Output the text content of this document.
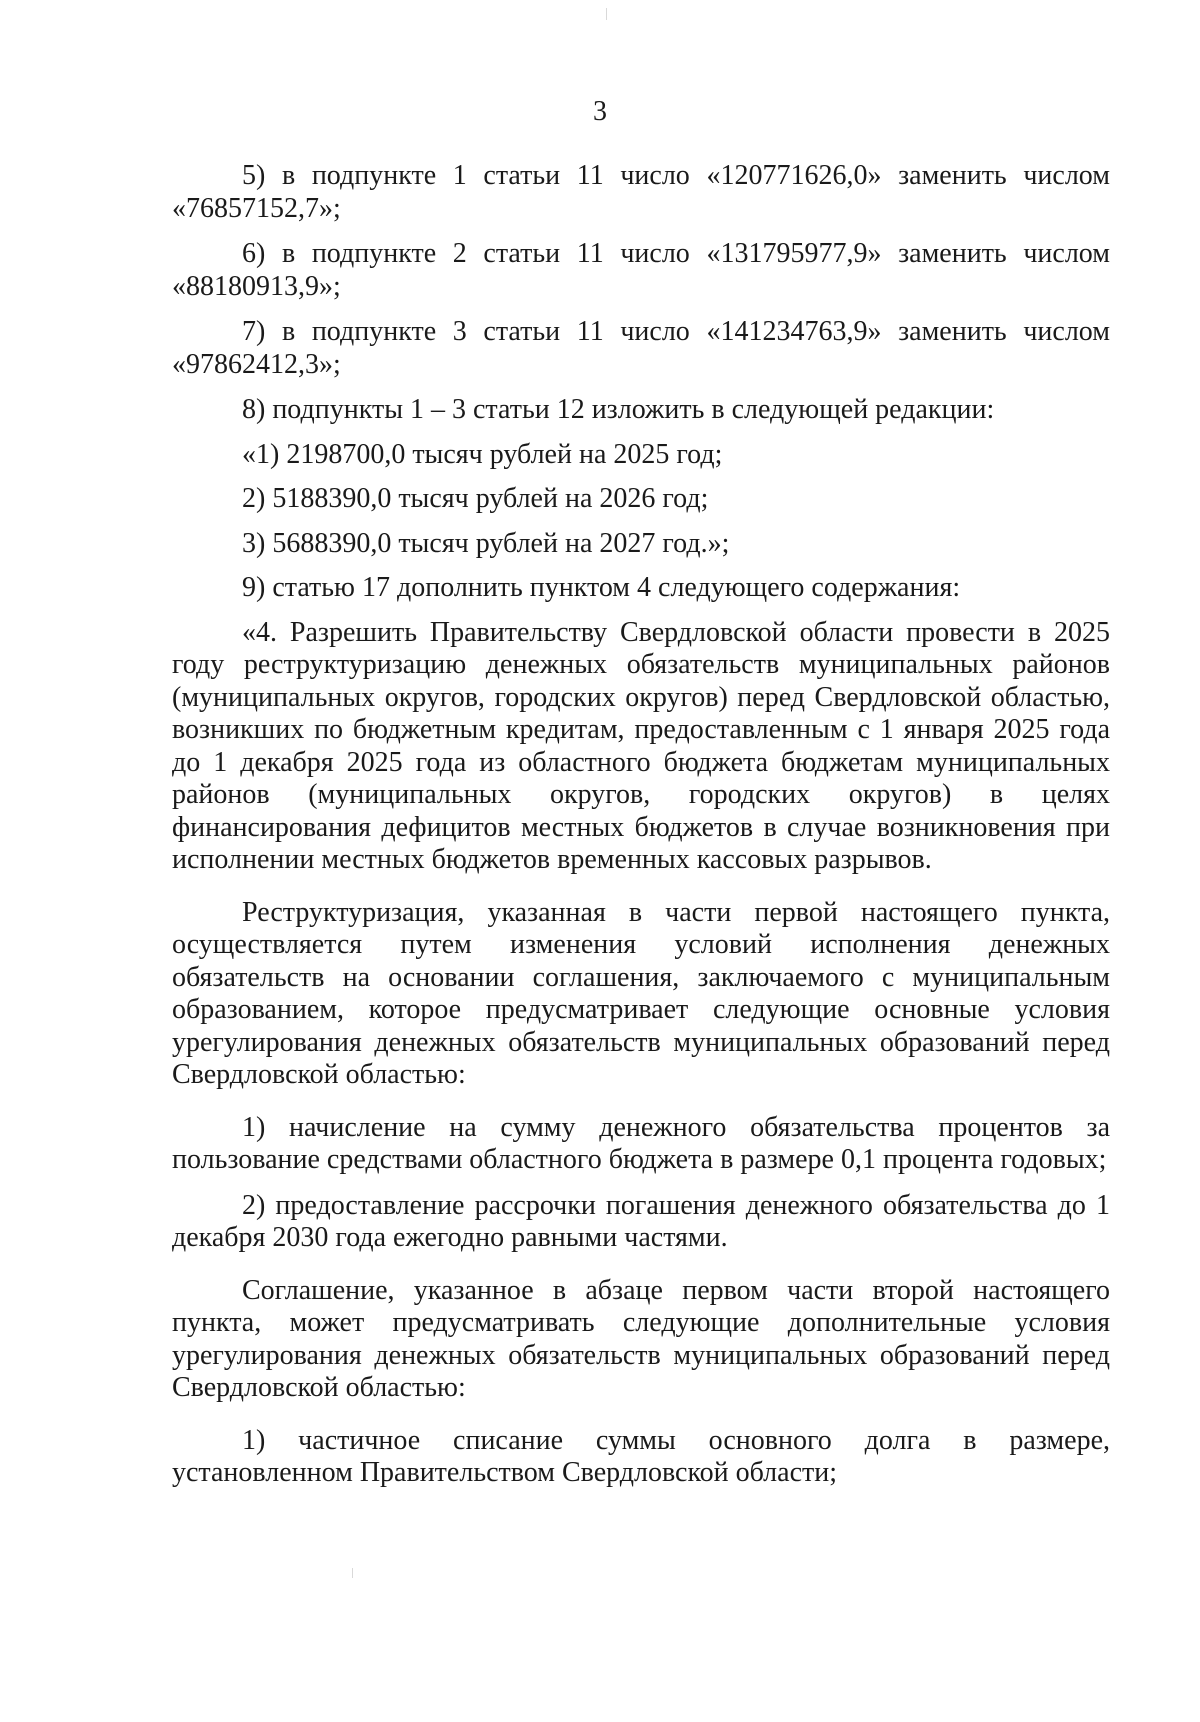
3

5) в подпункте 1 статьи 11 число «120771626,0» заменить числом «76857152,7»;

6) в подпункте 2 статьи 11 число «131795977,9» заменить числом «88180913,9»;

7) в подпункте 3 статьи 11 число «141234763,9» заменить числом «97862412,3»;

8) подпункты 1 – 3 статьи 12 изложить в следующей редакции:

«1) 2198700,0 тысяч рублей на 2025 год;

2) 5188390,0 тысяч рублей на 2026 год;

3) 5688390,0 тысяч рублей на 2027 год.»;

9) статью 17 дополнить пунктом 4 следующего содержания:

«4. Разрешить Правительству Свердловской области провести в 2025 году реструктуризацию денежных обязательств муниципальных районов (муниципальных округов, городских округов) перед Свердловской областью, возникших по бюджетным кредитам, предоставленным с 1 января 2025 года до 1 декабря 2025 года из областного бюджета бюджетам муниципальных районов (муниципальных округов, городских округов) в целях финансирования дефицитов местных бюджетов в случае возникновения при исполнении местных бюджетов временных кассовых разрывов.

Реструктуризация, указанная в части первой настоящего пункта, осуществляется путем изменения условий исполнения денежных обязательств на основании соглашения, заключаемого с муниципальным образованием, которое предусматривает следующие основные условия урегулирования денежных обязательств муниципальных образований перед Свердловской областью:

1) начисление на сумму денежного обязательства процентов за пользование средствами областного бюджета в размере 0,1 процента годовых;

2) предоставление рассрочки погашения денежного обязательства до 1 декабря 2030 года ежегодно равными частями.

Соглашение, указанное в абзаце первом части второй настоящего пункта, может предусматривать следующие дополнительные условия урегулирования денежных обязательств муниципальных образований перед Свердловской областью:

1) частичное списание суммы основного долга в размере, установленном Правительством Свердловской области;
